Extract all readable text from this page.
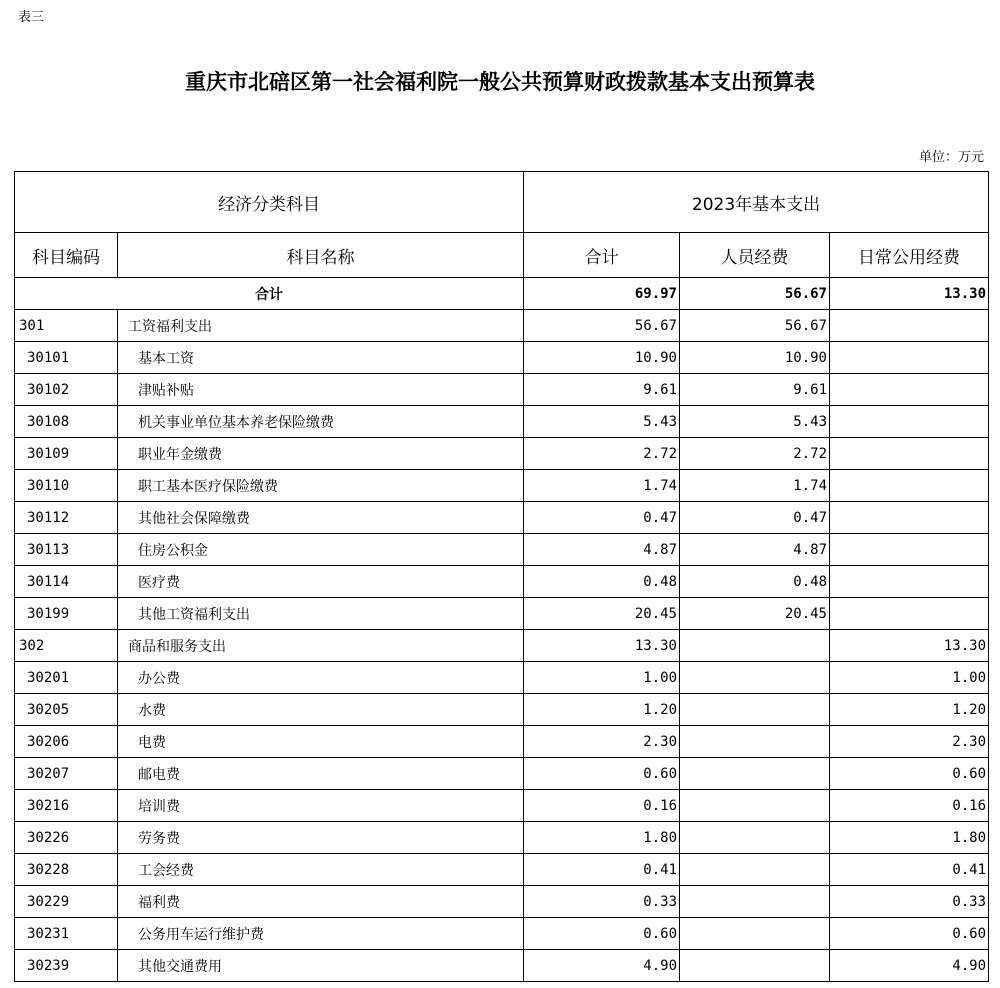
表三
重庆市北碚区第一社会福利院一般公共预算财政拨款基本支出预算表
单位：万元
经济分类科目		2023年基本支出		
科目编码	科目名称	合计	人员经费	日常公用经费
合计		69.97	56.67	13.30
301	工资福利支出	56.67	56.67	
30101	基本工资	10.90	10.90	
30102	津贴补贴	9.61	9.61	
30108	机关事业单位基本养老保险缴费	5.43	5.43	
30109	职业年金缴费	2.72	2.72	
30110	职工基本医疗保险缴费	1.74	1.74	
30112	其他社会保障缴费	0.47	0.47	
30113	住房公积金	4.87	4.87	
30114	医疗费	0.48	0.48	
30199	其他工资福利支出	20.45	20.45	
302	商品和服务支出	13.30		13.30
30201	办公费	1.00		1.00
30205	水费	1.20		1.20
30206	电费	2.30		2.30
30207	邮电费	0.60		0.60
30216	培训费	0.16		0.16
30226	劳务费	1.80		1.80
30228	工会经费	0.41		0.41
30229	福利费	0.33		0.33
30231	公务用车运行维护费	0.60		0.60
30239	其他交通费用	4.90		4.90
